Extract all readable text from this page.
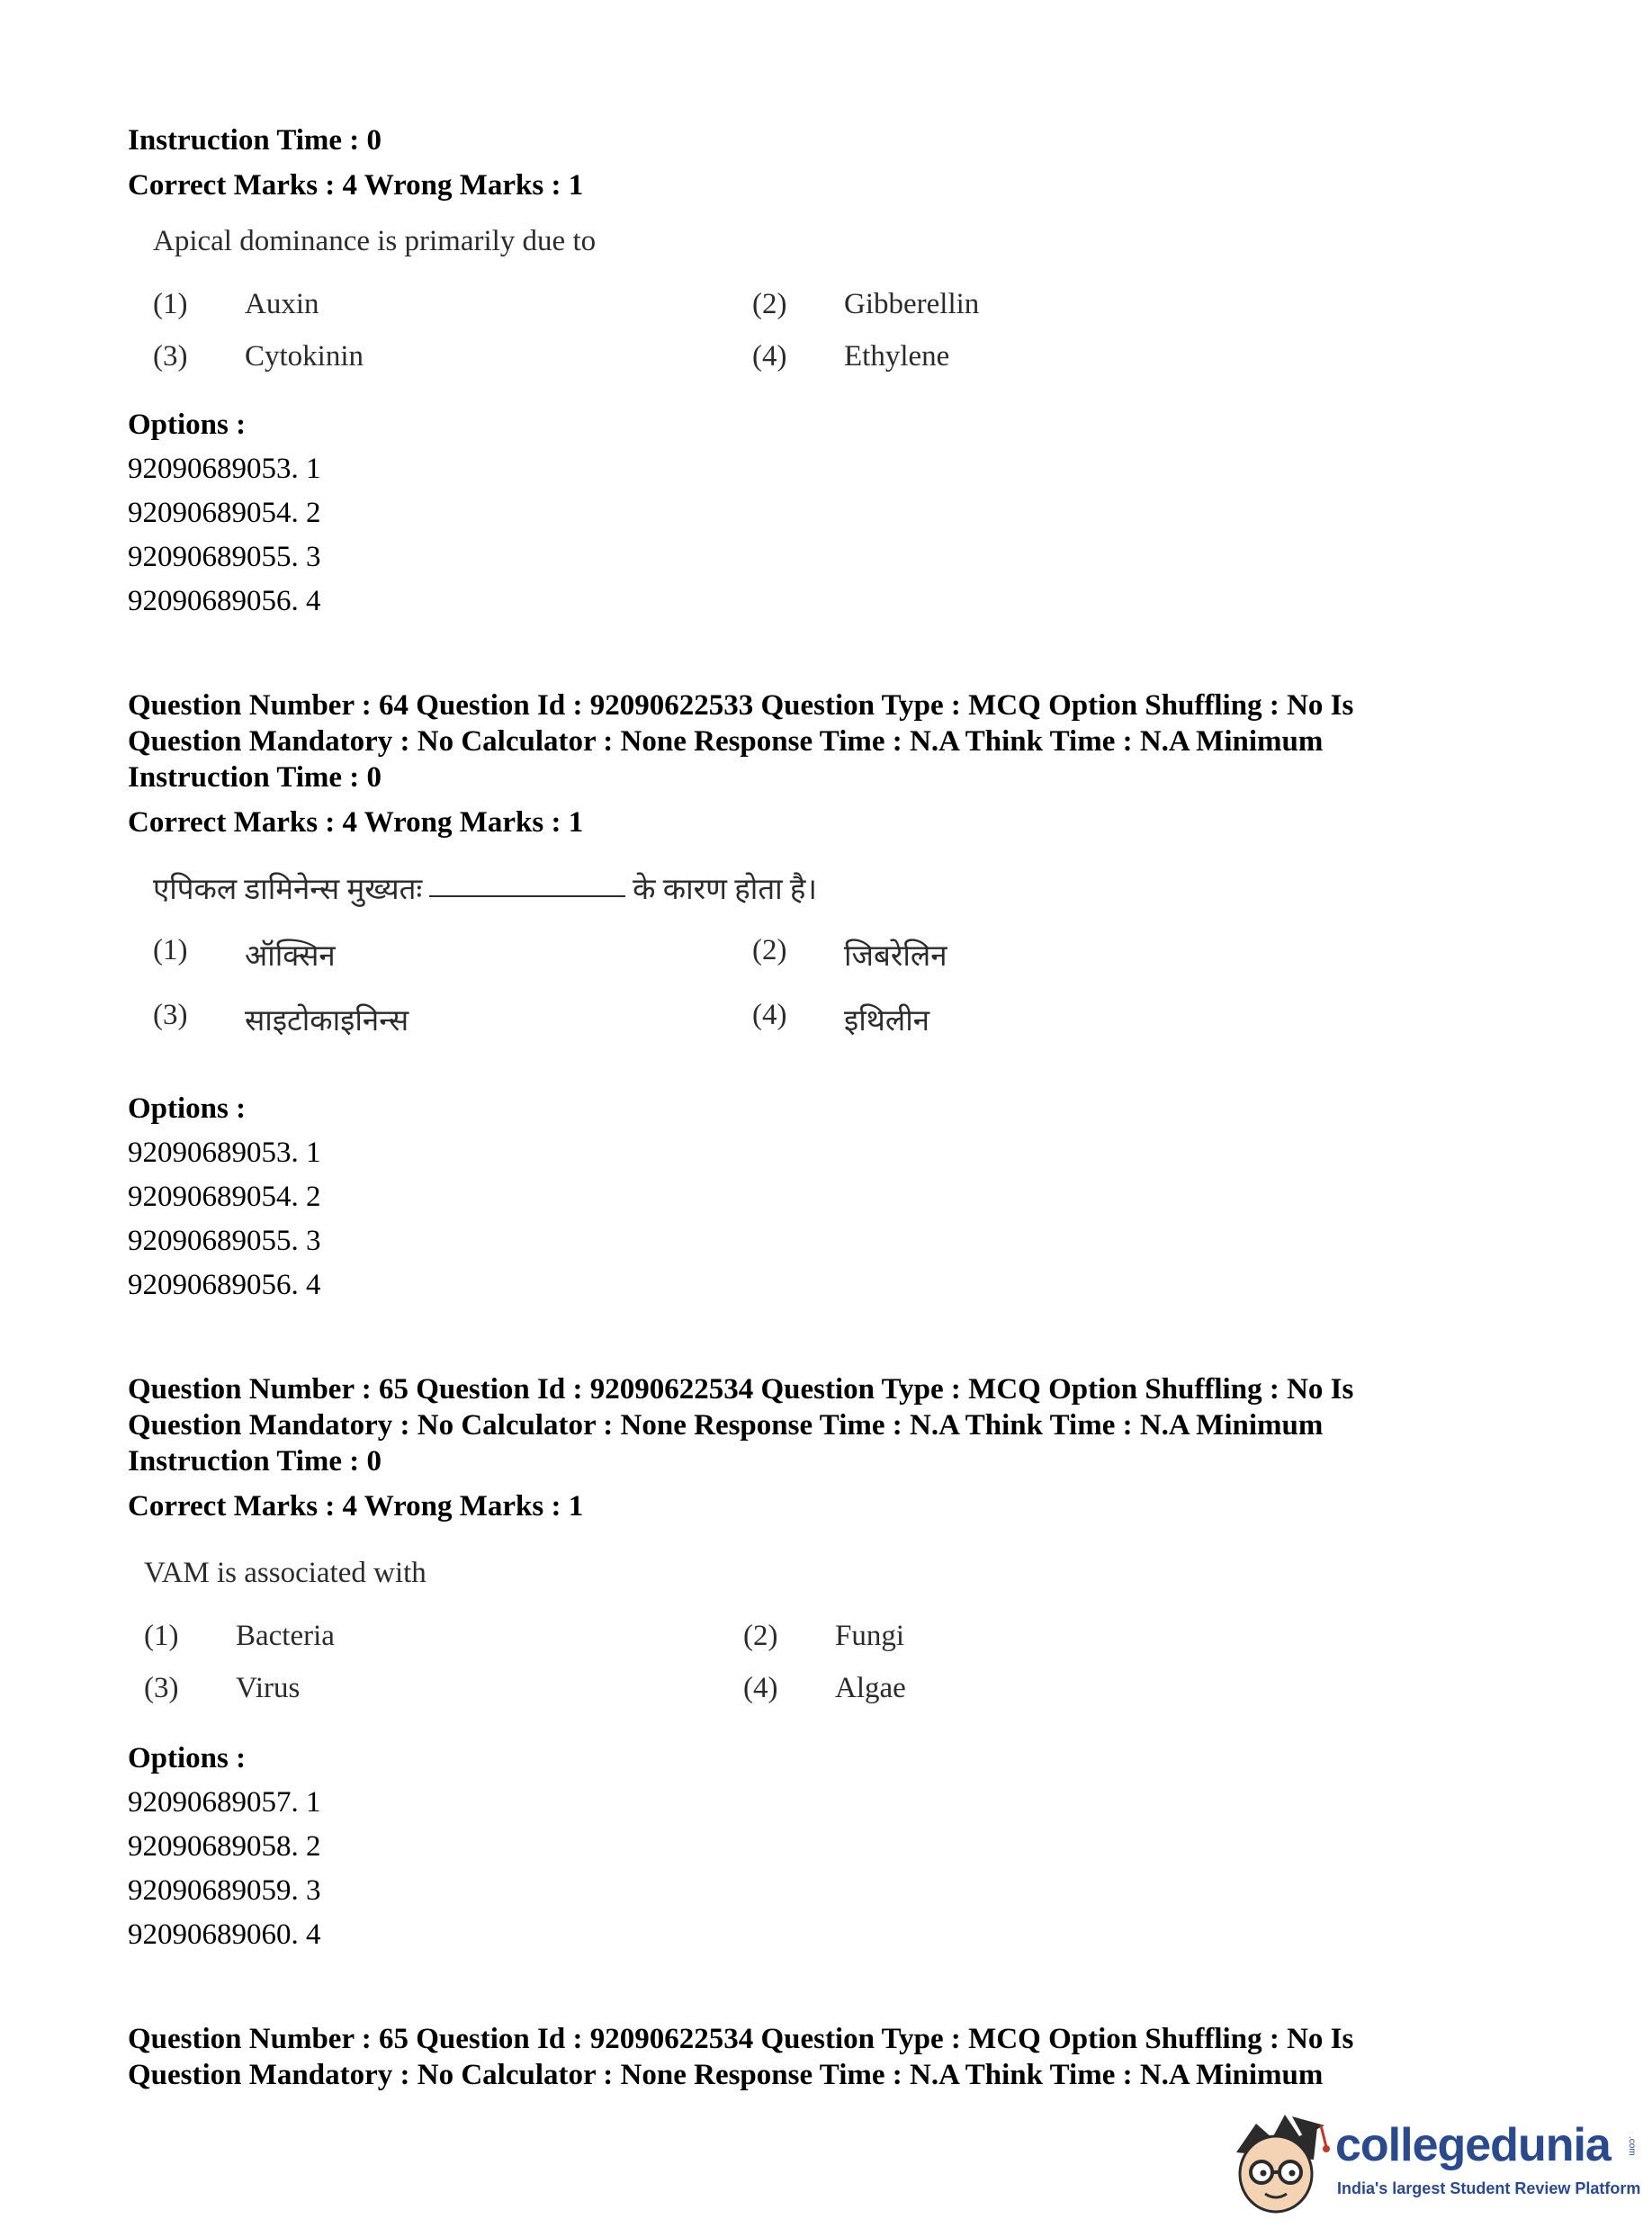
Instruction Time : 0
Correct Marks : 4 Wrong Marks : 1
Apical dominance is primarily due to
(1)	Auxin	(2)	Gibberellin
(3)	Cytokinin	(4)	Ethylene
Options :
92090689053. 1
92090689054. 2
92090689055. 3
92090689056. 4
Question Number : 64 Question Id : 92090622533 Question Type : MCQ Option Shuffling : No Is
Question Mandatory : No Calculator : None Response Time : N.A Think Time : N.A Minimum
Instruction Time : 0
Correct Marks : 4 Wrong Marks : 1
एपिकल डामिनेन्स मुख्यतः	के कारण होता है।
(1)	ऑक्सिन	(2)	जिबरेलिन
(3)	साइटोकाइनिन्स	(4)	इथिलीन
Options :
92090689053. 1
92090689054. 2
92090689055. 3
92090689056. 4
Question Number : 65 Question Id : 92090622534 Question Type : MCQ Option Shuffling : No Is
Question Mandatory : No Calculator : None Response Time : N.A Think Time : N.A Minimum
Instruction Time : 0
Correct Marks : 4 Wrong Marks : 1
VAM is associated with
(1)	Bacteria	(2)	Fungi
(3)	Virus	(4)	Algae
Options :
92090689057. 1
92090689058. 2
92090689059. 3
92090689060. 4
Question Number : 65 Question Id : 92090622534 Question Type : MCQ Option Shuffling : No Is
Question Mandatory : No Calculator : None Response Time : N.A Think Time : N.A Minimum
collegedunia .com
India's largest Student Review Platform
